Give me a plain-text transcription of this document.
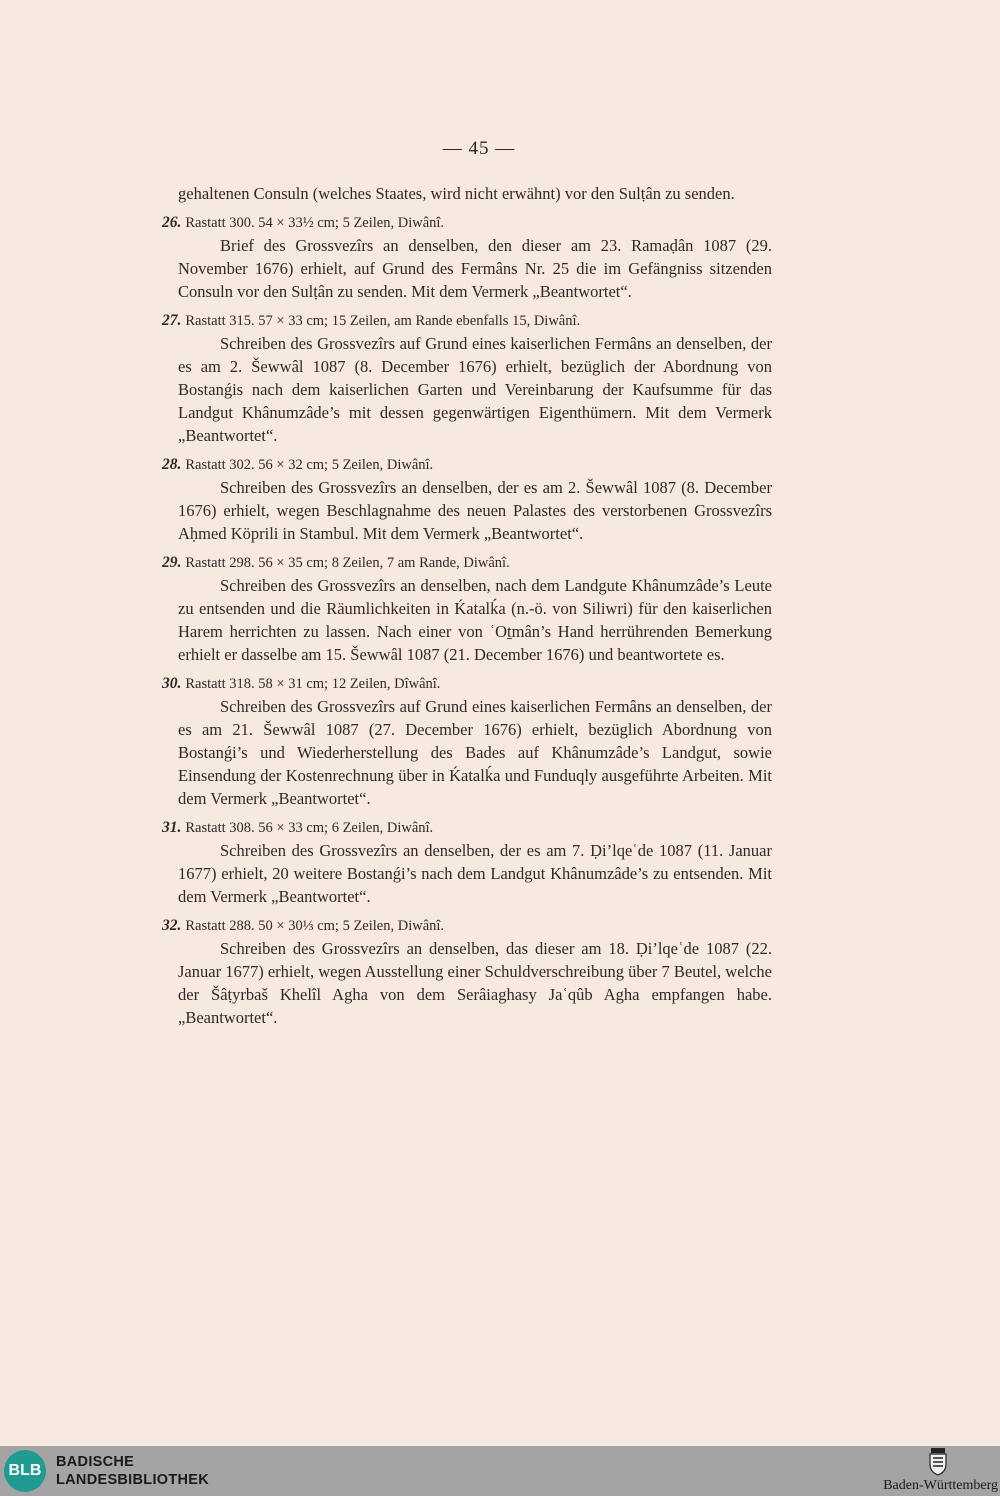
— 45 —

gehaltenen Consuln (welches Staates, wird nicht erwähnt) vor den Sulṭân zu senden.

26. Rastatt 300. 54 × 33½ cm; 5 Zeilen, Diwânî.

Brief des Grossvezîrs an denselben, den dieser am 23. Ramaḍân 1087 (29. November 1676) erhielt, auf Grund des Fermâns Nr. 25 die im Gefängniss sitzenden Consuln vor den Sulṭân zu senden. Mit dem Vermerk „Beantwortet“.

27. Rastatt 315. 57 × 33 cm; 15 Zeilen, am Rande ebenfalls 15, Diwânî.

Schreiben des Grossvezîrs auf Grund eines kaiserlichen Fermâns an denselben, der es am 2. Šewwâl 1087 (8. December 1676) erhielt, bezüglich der Abordnung von Bostanǵis nach dem kaiserlichen Garten und Vereinbarung der Kaufsumme für das Landgut Khânumzâde’s mit dessen gegenwärtigen Eigenthümern. Mit dem Vermerk „Beantwortet“.

28. Rastatt 302. 56 × 32 cm; 5 Zeilen, Diwânî.

Schreiben des Grossvezîrs an denselben, der es am 2. Šewwâl 1087 (8. December 1676) erhielt, wegen Beschlagnahme des neuen Palastes des verstorbenen Grossvezîrs Aḥmed Köprili in Stambul. Mit dem Vermerk „Beantwortet“.

29. Rastatt 298. 56 × 35 cm; 8 Zeilen, 7 am Rande, Diwânî.

Schreiben des Grossvezîrs an denselben, nach dem Landgute Khânumzâde’s Leute zu entsenden und die Räumlichkeiten in Ḱatalḱa (n.-ö. von Siliwri) für den kaiserlichen Harem herrichten zu lassen. Nach einer von ʿOṯmân’s Hand herrührenden Bemerkung erhielt er dasselbe am 15. Šewwâl 1087 (21. December 1676) und beantwortete es.

30. Rastatt 318. 58 × 31 cm; 12 Zeilen, Dîwânî.

Schreiben des Grossvezîrs auf Grund eines kaiserlichen Fermâns an denselben, der es am 21. Šewwâl 1087 (27. December 1676) erhielt, bezüglich Abordnung von Bostanǵi’s und Wiederherstellung des Bades auf Khânumzâde’s Landgut, sowie Einsendung der Kostenrechnung über in Ḱatalḱa und Funduqly ausgeführte Arbeiten. Mit dem Vermerk „Beantwortet“.

31. Rastatt 308. 56 × 33 cm; 6 Zeilen, Diwânî.

Schreiben des Grossvezîrs an denselben, der es am 7. Ḍi’lqeʿde 1087 (11. Januar 1677) erhielt, 20 weitere Bostanǵi’s nach dem Landgut Khânumzâde’s zu entsenden. Mit dem Vermerk „Beantwortet“.

32. Rastatt 288. 50 × 30⅓ cm; 5 Zeilen, Diwânî.

Schreiben des Grossvezîrs an denselben, das dieser am 18. Ḍi’lqeʿde 1087 (22. Januar 1677) erhielt, wegen Ausstellung einer Schuldverschreibung über 7 Beutel, welche der Šâṭyrbaš Khelîl Agha von dem Serâiaghasy Jaʿqûb Agha empfangen habe. „Beantwortet“.

BLB	BADISCHE
LANDESBIBLIOTHEK	Baden-Württemberg
